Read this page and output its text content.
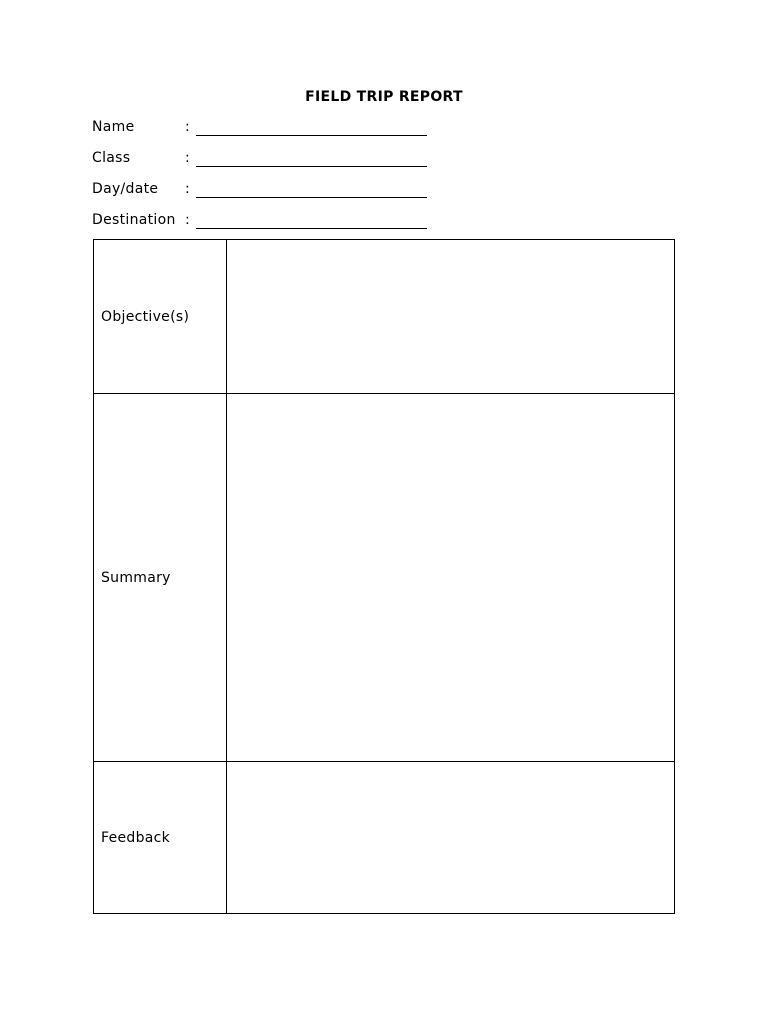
FIELD TRIP REPORT
Name	:
Class	:
Day/date :
Destination :
Objective(s)
Summary
Feedback
